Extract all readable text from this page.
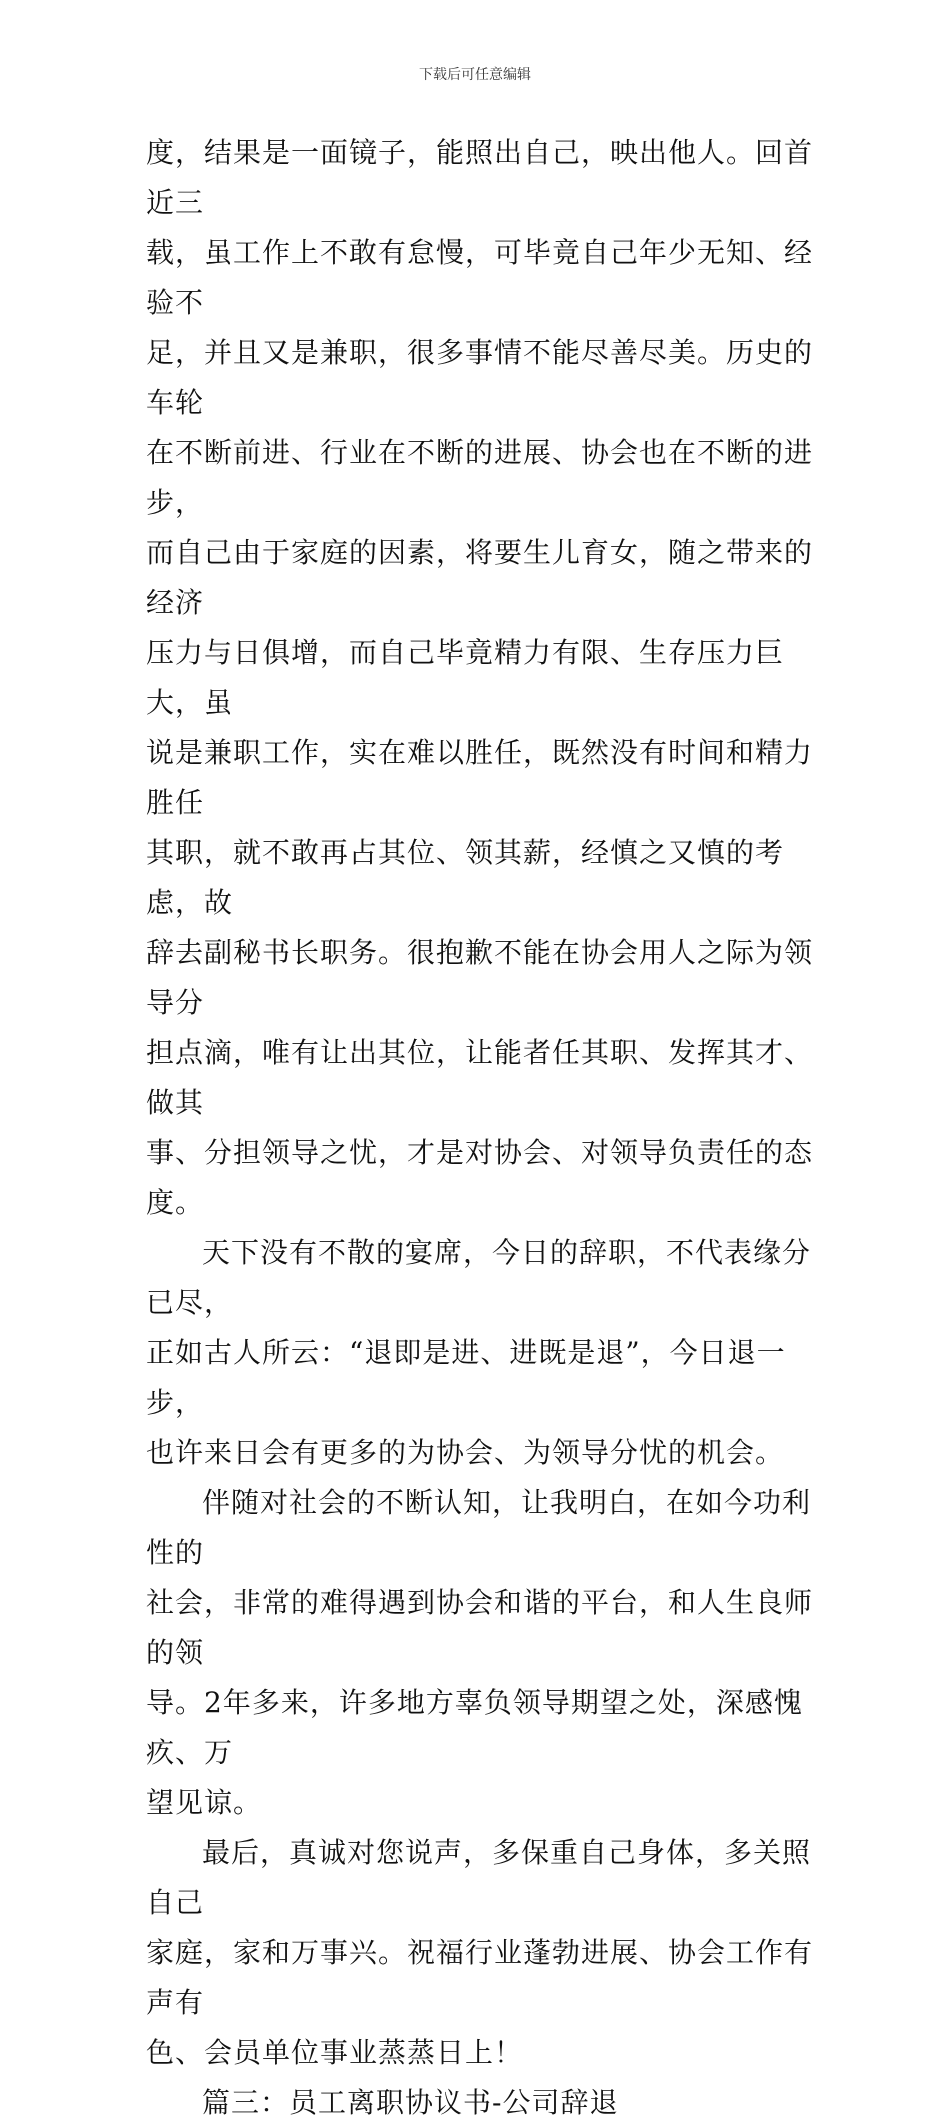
下载后可任意编辑

度，结果是一面镜子，能照出自己，映出他人。回首近三
载，虽工作上不敢有怠慢，可毕竟自己年少无知、经验不
足，并且又是兼职，很多事情不能尽善尽美。历史的车轮
在不断前进、行业在不断的进展、协会也在不断的进步，
而自己由于家庭的因素，将要生儿育女，随之带来的经济
压力与日俱增，而自己毕竟精力有限、生存压力巨大，虽
说是兼职工作，实在难以胜任，既然没有时间和精力胜任
其职，就不敢再占其位、领其薪，经慎之又慎的考虑，故
辞去副秘书长职务。很抱歉不能在协会用人之际为领导分
担点滴，唯有让出其位，让能者任其职、发挥其才、做其
事、分担领导之忧，才是对协会、对领导负责任的态度。

天下没有不散的宴席，今日的辞职，不代表缘分已尽，
正如古人所云：“退即是进、进既是退”，今日退一步，
也许来日会有更多的为协会、为领导分忧的机会。

伴随对社会的不断认知，让我明白，在如今功利性的
社会，非常的难得遇到协会和谐的平台，和人生良师的领
导。2年多来，许多地方辜负领导期望之处，深感愧疚、万
望见谅。

最后，真诚对您说声，多保重自己身体，多关照自己
家庭，家和万事兴。祝福行业蓬勃进展、协会工作有声有
色、会员单位事业蒸蒸日上！

篇三：员工离职协议书-公司辞退
